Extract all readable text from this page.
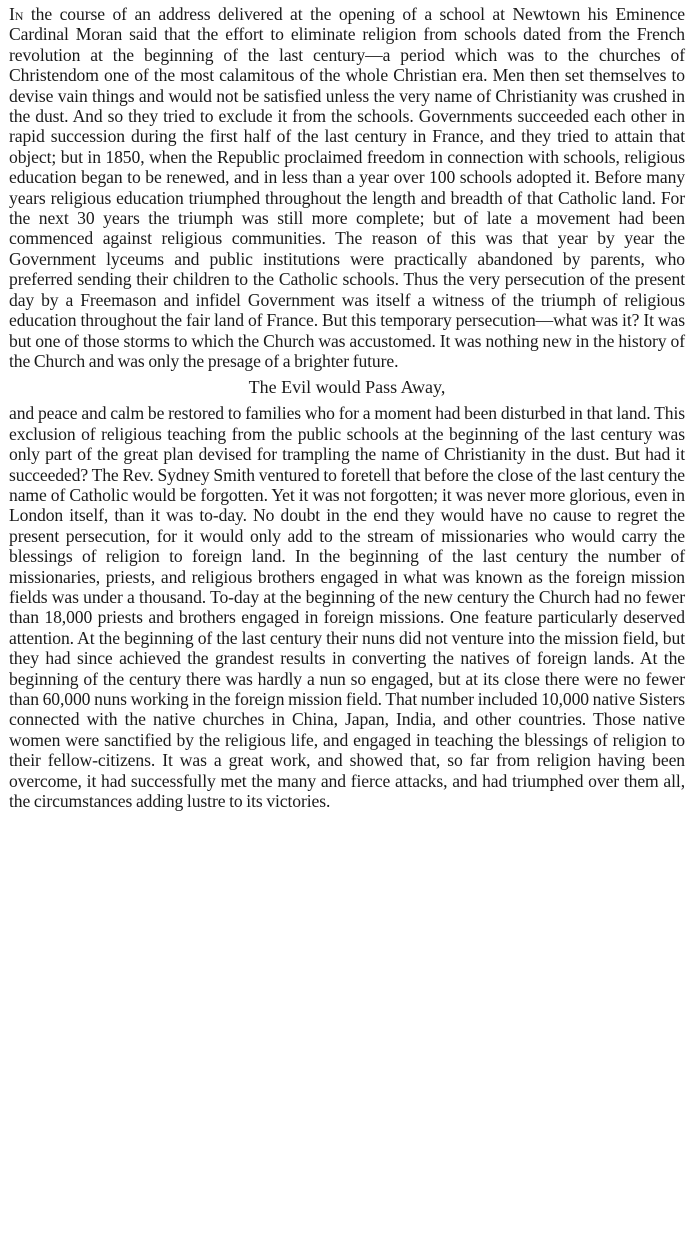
In the course of an address delivered at the opening of a school at Newtown his Eminence Cardinal Moran said that the effort to eliminate religion from schools dated from the French revolution at the beginning of the last century—a period which was to the churches of Christendom one of the most calamitous of the whole Christian era. Men then set themselves to devise vain things and would not be satisfied unless the very name of Christianity was crushed in the dust. And so they tried to exclude it from the schools. Governments succeeded each other in rapid succession during the first half of the last century in France, and they tried to attain that object; but in 1850, when the Republic proclaimed freedom in connection with schools, religious education began to be renewed, and in less than a year over 100 schools adopted it. Before many years religious education triumphed throughout the length and breadth of that Catholic land. For the next 30 years the triumph was still more complete; but of late a movement had been commenced against religious communities. The reason of this was that year by year the Government lyceums and public institutions were practically abandoned by parents, who preferred sending their children to the Catholic schools. Thus the very persecution of the present day by a Freemason and infidel Government was itself a witness of the triumph of religious education throughout the fair land of France. But this temporary persecution—what was it? It was but one of those storms to which the Church was accustomed. It was nothing new in the history of the Church and was only the presage of a brighter future.

The Evil would Pass Away,

and peace and calm be restored to families who for a moment had been disturbed in that land. This exclusion of religious teaching from the public schools at the beginning of the last century was only part of the great plan devised for trampling the name of Christianity in the dust. But had it succeeded? The Rev. Sydney Smith ventured to foretell that before the close of the last century the name of Catholic would be forgotten. Yet it was not forgotten; it was never more glorious, even in London itself, than it was to-day. No doubt in the end they would have no cause to regret the present persecution, for it would only add to the stream of missionaries who would carry the blessings of religion to foreign land. In the beginning of the last century the number of missionaries, priests, and religious brothers engaged in what was known as the foreign mission fields was under a thousand. To-day at the beginning of the new century the Church had no fewer than 18,000 priests and brothers engaged in foreign missions. One feature particularly deserved attention. At the beginning of the last century their nuns did not venture into the mission field, but they had since achieved the grandest results in converting the natives of foreign lands. At the beginning of the century there was hardly a nun so engaged, but at its close there were no fewer than 60,000 nuns working in the foreign mission field. That number included 10,000 native Sisters connected with the native churches in China, Japan, India, and other countries. Those native women were sanctified by the religious life, and engaged in teaching the blessings of religion to their fellow-citizens. It was a great work, and showed that, so far from religion having been overcome, it had successfully met the many and fierce attacks, and had triumphed over them all, the circumstances adding lustre to its victories.
